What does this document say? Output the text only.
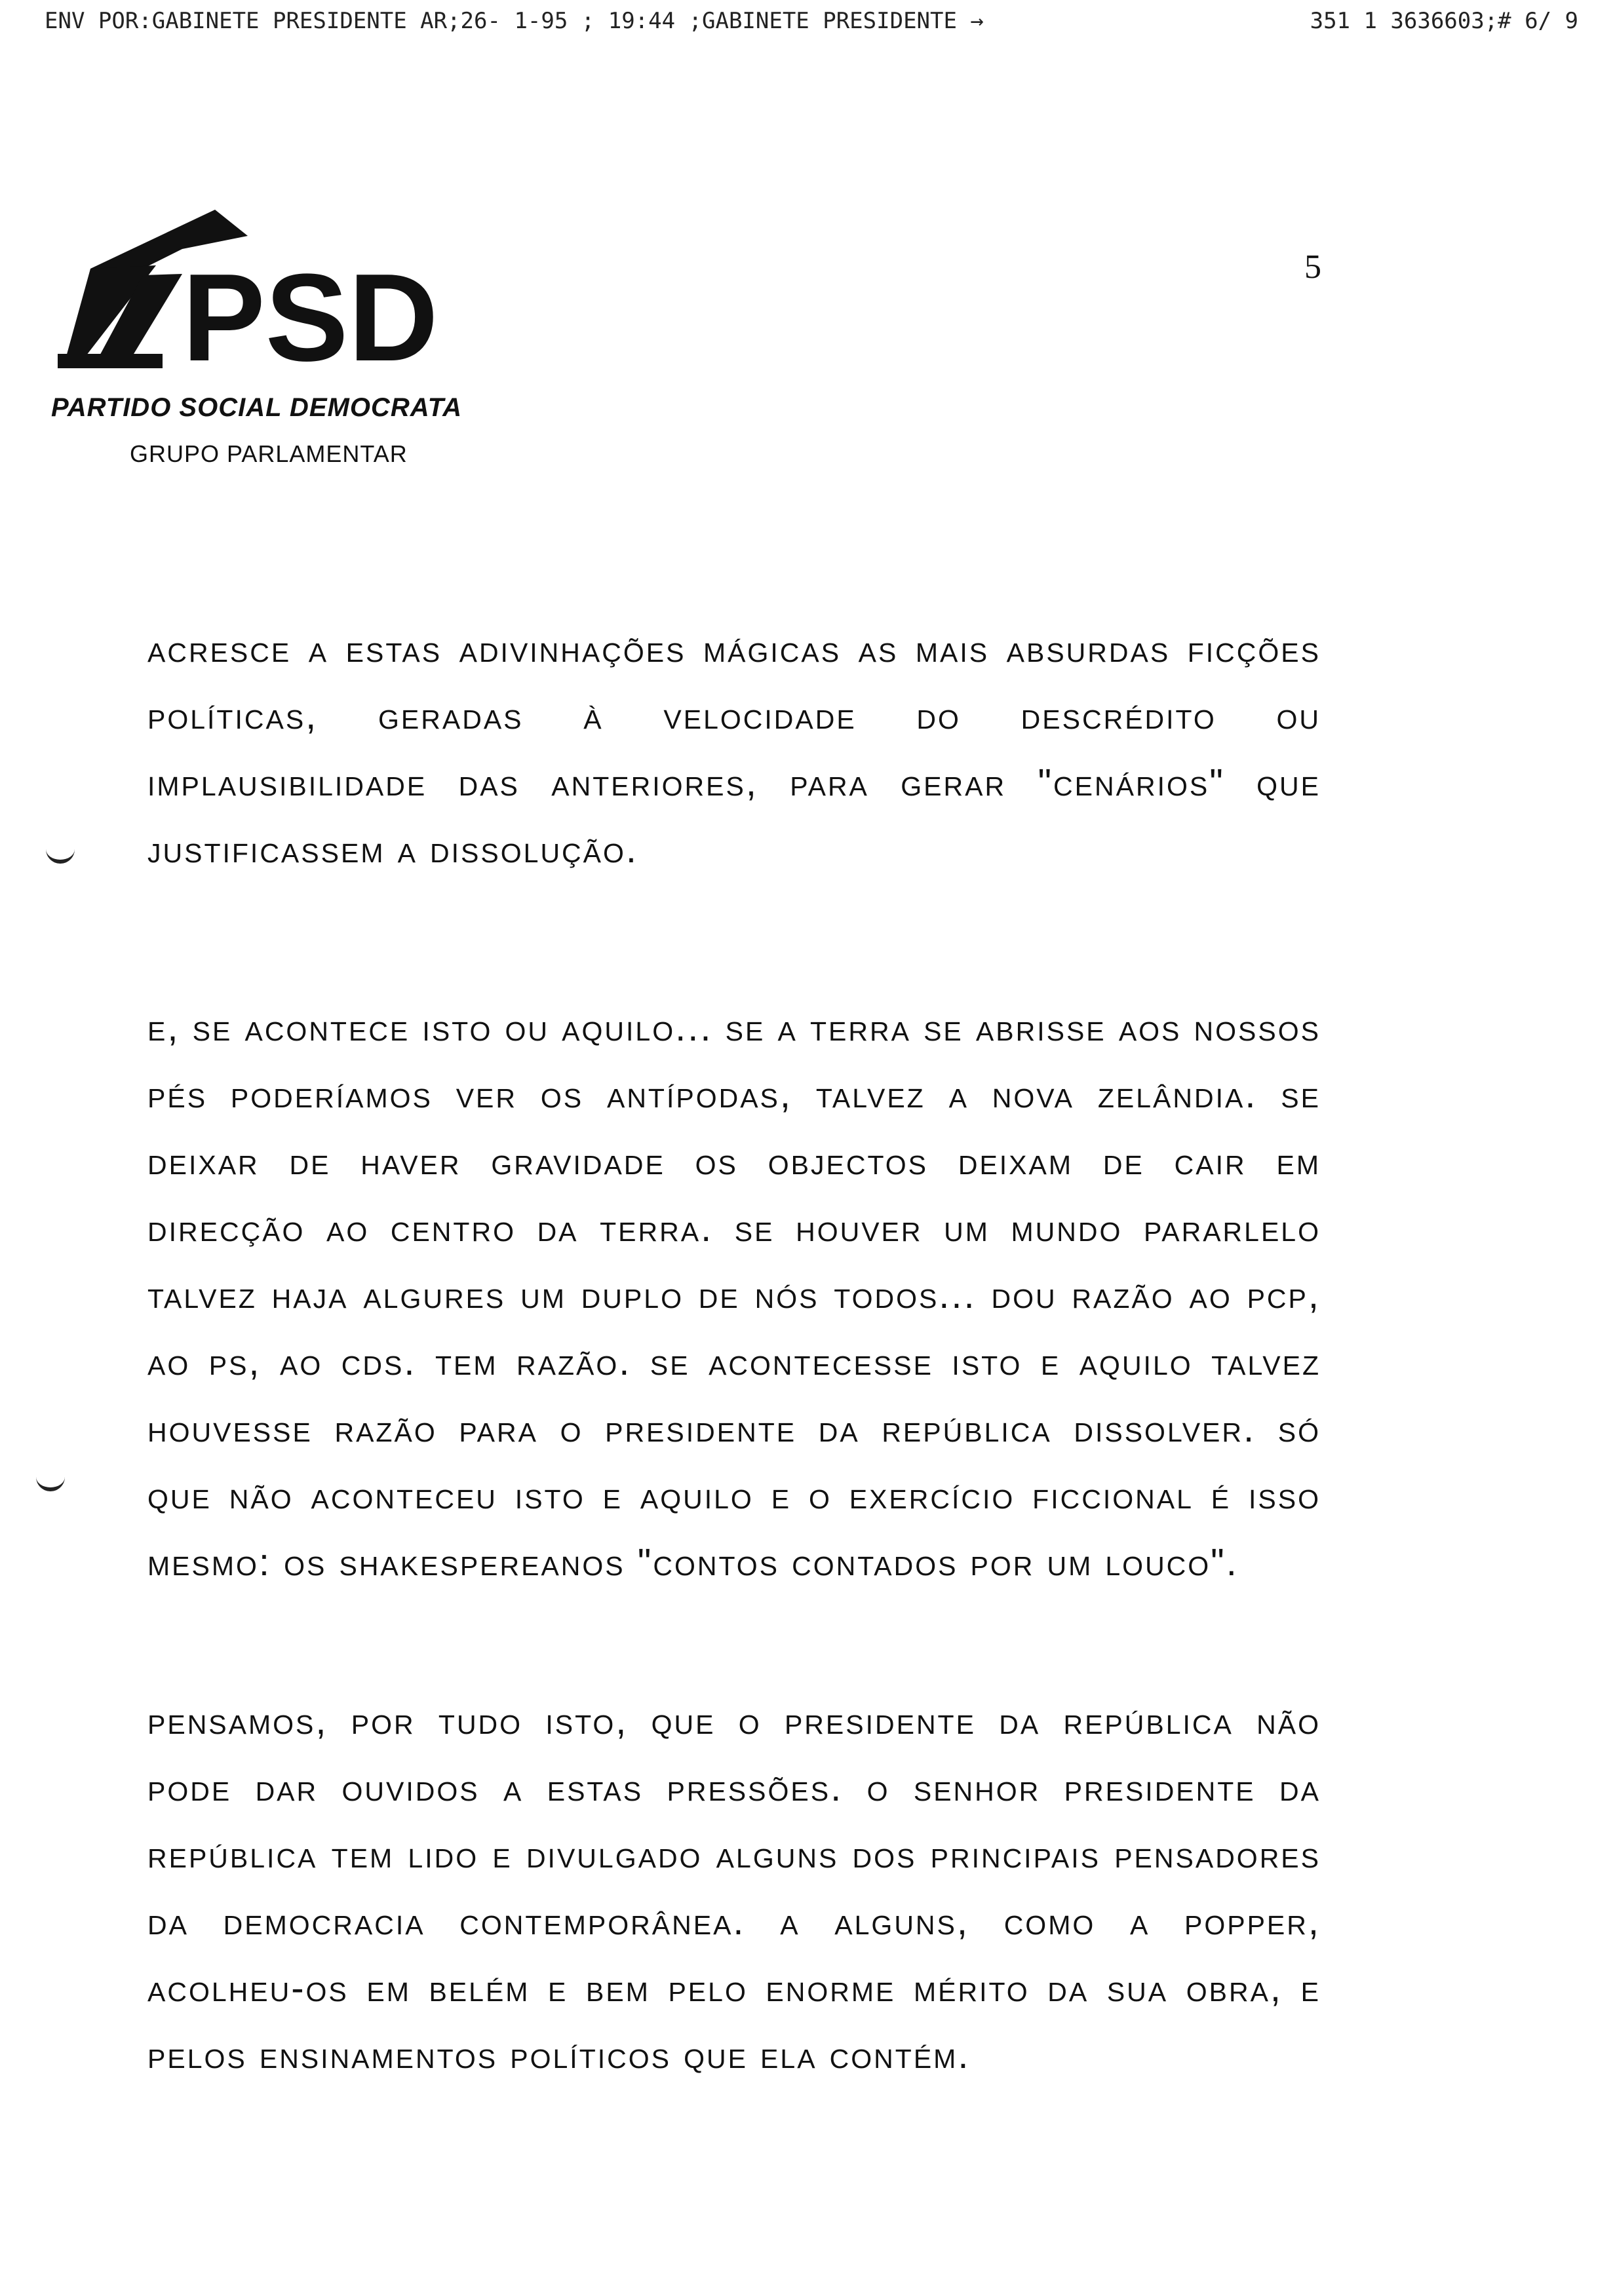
ENV POR:GABINETE PRESIDENTE AR;26- 1-95 ; 19:44 ;GABINETE PRESIDENTE →	351 1 3636603;# 6/ 9
PSD
PARTIDO SOCIAL DEMOCRATA
GRUPO PARLAMENTAR
5

acresce a estas adivinhações mágicas as mais absurdas ficções políticas, geradas à velocidade do descrédito ou implausibilidade das anteriores, para gerar "cenários" que justificassem a dissolução.

e, se acontece isto ou aquilo... se a terra se abrisse aos nossos pés poderíamos ver os antípodas, talvez a nova zelândia. se deixar de haver gravidade os objectos deixam de cair em direcção ao centro da terra. se houver um mundo pararlelo talvez haja algures um duplo de nós todos... dou razão ao pcp, ao ps, ao cds. tem razão. se acontecesse isto e aquilo talvez houvesse razão para o presidente da república dissolver. só que não aconteceu isto e aquilo e o exercício ficcional é isso mesmo: os shakespereanos "contos contados por um louco".

pensamos, por tudo isto, que o presidente da república não pode dar ouvidos a estas pressões. o senhor presidente da república tem lido e divulgado alguns dos principais pensadores da democracia contemporânea. a alguns, como a popper, acolheu-os em belém e bem pelo enorme mérito da sua obra, e pelos ensinamentos políticos que ela contém.
